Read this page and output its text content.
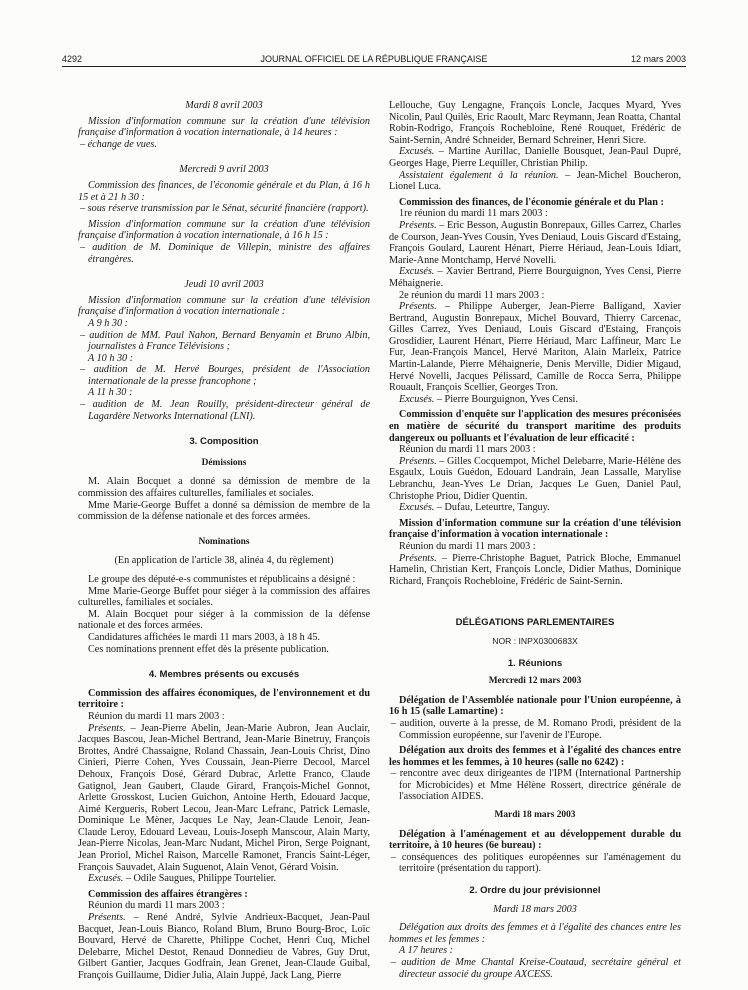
4292	JOURNAL OFFICIEL DE LA RÉPUBLIQUE FRANÇAISE	12 mars 2003

Mardi 8 avril 2003

Mission d'information commune sur la création d'une télévision française d'information à vocation internationale, à 14 heures :

– échange de vues.

Mercredi 9 avril 2003

Commission des finances, de l'économie générale et du Plan, à 16 h 15 et à 21 h 30 :

– sous réserve transmission par le Sénat, sécurité financière (rapport).

Mission d'information commune sur la création d'une télévision française d'information à vocation internationale, à 16 h 15 :

– audition de M. Dominique de Villepin, ministre des affaires étrangères.

Jeudi 10 avril 2003

Mission d'information commune sur la création d'une télévision française d'information à vocation internationale :

A 9 h 30 :

– audition de MM. Paul Nahon, Bernard Benyamin et Bruno Albin, journalistes à France Télévisions ;

A 10 h 30 :

– audition de M. Hervé Bourges, président de l'Association internationale de la presse francophone ;

A 11 h 30 :

– audition de M. Jean Rouilly, président-directeur général de Lagardère Networks International (LNI).

3. Composition

Démissions

M. Alain Bocquet a donné sa démission de membre de la commission des affaires culturelles, familiales et sociales.

Mme Marie-George Buffet a donné sa démission de membre de la commission de la défense nationale et des forces armées.

Nominations

(En application de l'article 38, alinéa 4, du règlement)

Le groupe des député-e-s communistes et républicains a désigné :

Mme Marie-George Buffet pour siéger à la commission des affaires culturelles, familiales et sociales.

M. Alain Bocquet pour siéger à la commission de la défense nationale et des forces armées.

Candidatures affichées le mardi 11 mars 2003, à 18 h 45.

Ces nominations prennent effet dès la présente publication.

4. Membres présents ou excusés

Commission des affaires économiques, de l'environnement et du territoire :

Réunion du mardi 11 mars 2003 :

Présents. – Jean-Pierre Abelin, Jean-Marie Aubron, Jean Auclair, Jacques Bascou, Jean-Michel Bertrand, Jean-Marie Binetruy, François Brottes, André Chassaigne, Roland Chassain, Jean-Louis Christ, Dino Cinieri, Pierre Cohen, Yves Coussain, Jean-Pierre Decool, Marcel Dehoux, François Dosé, Gérard Dubrac, Arlette Franco, Claude Gatignol, Jean Gaubert, Claude Girard, François-Michel Gonnot, Arlette Grosskost, Lucien Guichon, Antoine Herth, Edouard Jacque, Aimé Kergueris, Robert Lecou, Jean-Marc Lefranc, Patrick Lemasle, Dominique Le Mèner, Jacques Le Nay, Jean-Claude Lenoir, Jean-Claude Leroy, Edouard Leveau, Louis-Joseph Manscour, Alain Marty, Jean-Pierre Nicolas, Jean-Marc Nudant, Michel Piron, Serge Poignant, Jean Proriol, Michel Raison, Marcelle Ramonet, Francis Saint-Léger, François Sauvadet, Alain Suguenot, Alain Venot, Gérard Voisin.

Excusés. – Odile Saugues, Philippe Tourtelier.

Commission des affaires étrangères :

Réunion du mardi 11 mars 2003 :

Présents. – René André, Sylvie Andrieux-Bacquet, Jean-Paul Bacquet, Jean-Louis Bianco, Roland Blum, Bruno Bourg-Broc, Loïc Bouvard, Hervé de Charette, Philippe Cochet, Henri Cuq, Michel Delebarre, Michel Destot, Renaud Donnedieu de Vabres, Guy Drut, Gilbert Gantier, Jacques Godfrain, Jean Grenet, Jean-Claude Guibal, François Guillaume, Didier Julia, Alain Juppé, Jack Lang, Pierre

Lellouche, Guy Lengagne, François Loncle, Jacques Myard, Yves Nicolin, Paul Quilès, Eric Raoult, Marc Reymann, Jean Roatta, Chantal Robin-Rodrigo, François Rochebloine, René Rouquet, Frédéric de Saint-Sernin, André Schneider, Bernard Schreiner, Henri Sicre.

Excusés. – Martine Aurillac, Danielle Bousquet, Jean-Paul Dupré, Georges Hage, Pierre Lequiller, Christian Philip.

Assistaient également à la réunion. – Jean-Michel Boucheron, Lionel Luca.

Commission des finances, de l'économie générale et du Plan :

1re réunion du mardi 11 mars 2003 :

Présents. – Eric Besson, Augustin Bonrepaux, Gilles Carrez, Charles de Courson, Jean-Yves Cousin, Yves Deniaud, Louis Giscard d'Estaing, François Goulard, Laurent Hénart, Pierre Hériaud, Jean-Louis Idiart, Marie-Anne Montchamp, Hervé Novelli.

Excusés. – Xavier Bertrand, Pierre Bourguignon, Yves Censi, Pierre Méhaignerie.

2e réunion du mardi 11 mars 2003 :

Présents. – Philippe Auberger, Jean-Pierre Balligand, Xavier Bertrand, Augustin Bonrepaux, Michel Bouvard, Thierry Carcenac, Gilles Carrez, Yves Deniaud, Louis Giscard d'Estaing, François Grosdidier, Laurent Hénart, Pierre Hériaud, Marc Laffineur, Marc Le Fur, Jean-François Mancel, Hervé Mariton, Alain Marleix, Patrice Martin-Lalande, Pierre Méhaignerie, Denis Merville, Didier Migaud, Hervé Novelli, Jacques Pélissard, Camille de Rocca Serra, Philippe Rouault, François Scellier, Georges Tron.

Excusés. – Pierre Bourguignon, Yves Censi.

Commission d'enquête sur l'application des mesures préconisées en matière de sécurité du transport maritime des produits dangereux ou polluants et l'évaluation de leur efficacité :

Réunion du mardi 11 mars 2003 :

Présents. – Gilles Cocquempot, Michel Delebarre, Marie-Hélène des Esgaulx, Louis Guédon, Edouard Landrain, Jean Lassalle, Marylise Lebranchu, Jean-Yves Le Drian, Jacques Le Guen, Daniel Paul, Christophe Priou, Didier Quentin.

Excusés. – Dufau, Leteurtre, Tanguy.

Mission d'information commune sur la création d'une télévision française d'information à vocation internationale :

Réunion du mardi 11 mars 2003 :

Présents. – Pierre-Christophe Baguet, Patrick Bloche, Emmanuel Hamelin, Christian Kert, François Loncle, Didier Mathus, Dominique Richard, François Rochebloine, Frédéric de Saint-Sernin.

DÉLÉGATIONS PARLEMENTAIRES

NOR : INPX0300683X

1. Réunions

Mercredi 12 mars 2003

Délégation de l'Assemblée nationale pour l'Union européenne, à 16 h 15 (salle Lamartine) :

– audition, ouverte à la presse, de M. Romano Prodi, président de la Commission européenne, sur l'avenir de l'Europe.

Délégation aux droits des femmes et à l'égalité des chances entre les hommes et les femmes, à 10 heures (salle no 6242) :

– rencontre avec deux dirigeantes de l'IPM (International Partnership for Microbicides) et Mme Hélène Rossert, directrice générale de l'association AIDES.

Mardi 18 mars 2003

Délégation à l'aménagement et au développement durable du territoire, à 10 heures (6e bureau) :

– conséquences des politiques européennes sur l'aménagement du territoire (présentation du rapport).

2. Ordre du jour prévisionnel

Mardi 18 mars 2003

Délégation aux droits des femmes et à l'égalité des chances entre les hommes et les femmes :

A 17 heures :

– audition de Mme Chantal Kreise-Coutaud, secrétaire général et directeur associé du groupe AXCESS.
